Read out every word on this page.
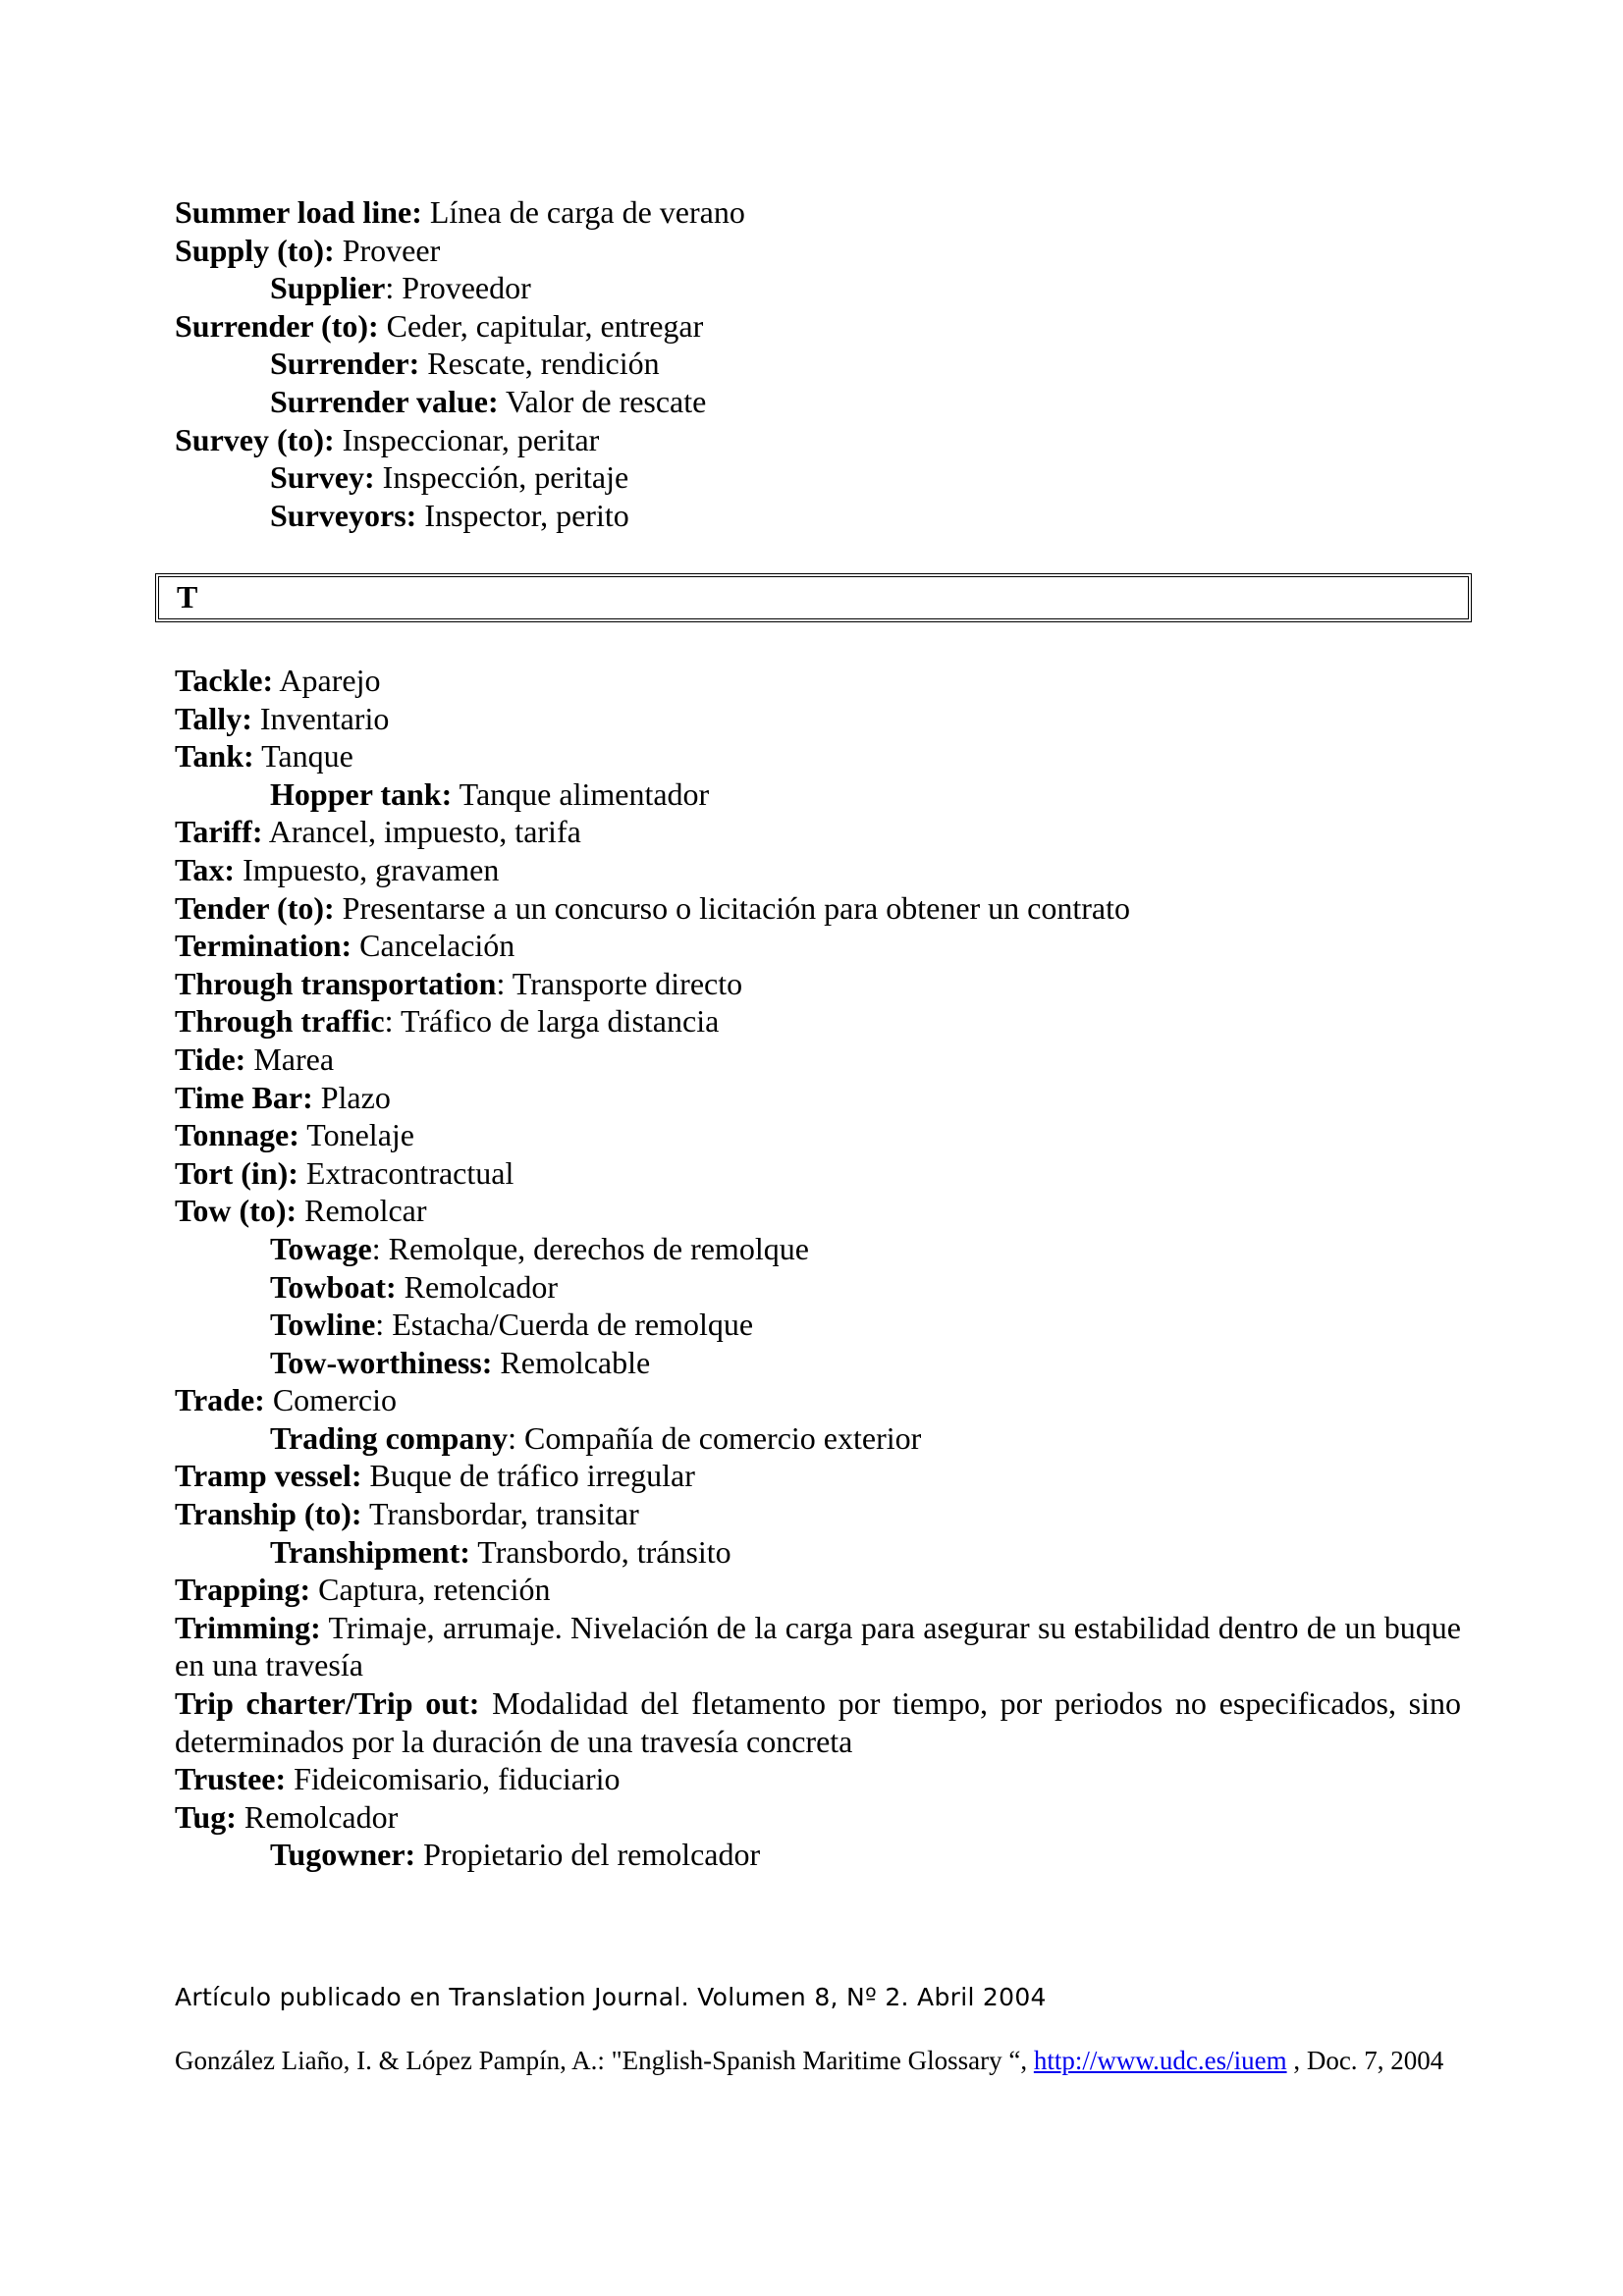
Summer load line: Línea de carga de verano

Supply (to): Proveer

Supplier: Proveedor

Surrender (to): Ceder, capitular, entregar

Surrender: Rescate, rendición

Surrender value: Valor de rescate

Survey (to): Inspeccionar, peritar

Survey: Inspección, peritaje

Surveyors: Inspector, perito

T

Tackle: Aparejo

Tally: Inventario

Tank: Tanque

Hopper tank: Tanque alimentador

Tariff: Arancel, impuesto, tarifa

Tax: Impuesto, gravamen

Tender (to): Presentarse a un concurso o licitación para obtener un contrato

Termination: Cancelación

Through transportation: Transporte directo

Through traffic: Tráfico de larga distancia

Tide: Marea

Time Bar: Plazo

Tonnage: Tonelaje

Tort (in): Extracontractual

Tow (to): Remolcar

Towage: Remolque, derechos de remolque

Towboat: Remolcador

Towline: Estacha/Cuerda de remolque

Tow-worthiness: Remolcable

Trade: Comercio

Trading company: Compañía de comercio exterior

Tramp vessel: Buque de tráfico irregular

Tranship (to): Transbordar, transitar

Transhipment: Transbordo, tránsito

Trapping: Captura, retención

Trimming: Trimaje, arrumaje. Nivelación de la carga para asegurar su estabilidad dentro de un buque en una travesía

Trip charter/Trip out: Modalidad del fletamento por tiempo, por periodos no especificados, sino determinados por la duración de una travesía concreta

Trustee: Fideicomisario, fiduciario

Tug: Remolcador

Tugowner: Propietario del remolcador

Artículo publicado en Translation Journal. Volumen 8, Nº 2. Abril 2004
González Liaño, I. & López Pampín, A.: "English-Spanish Maritime Glossary “, http://www.udc.es/iuem , Doc. 7, 2004
